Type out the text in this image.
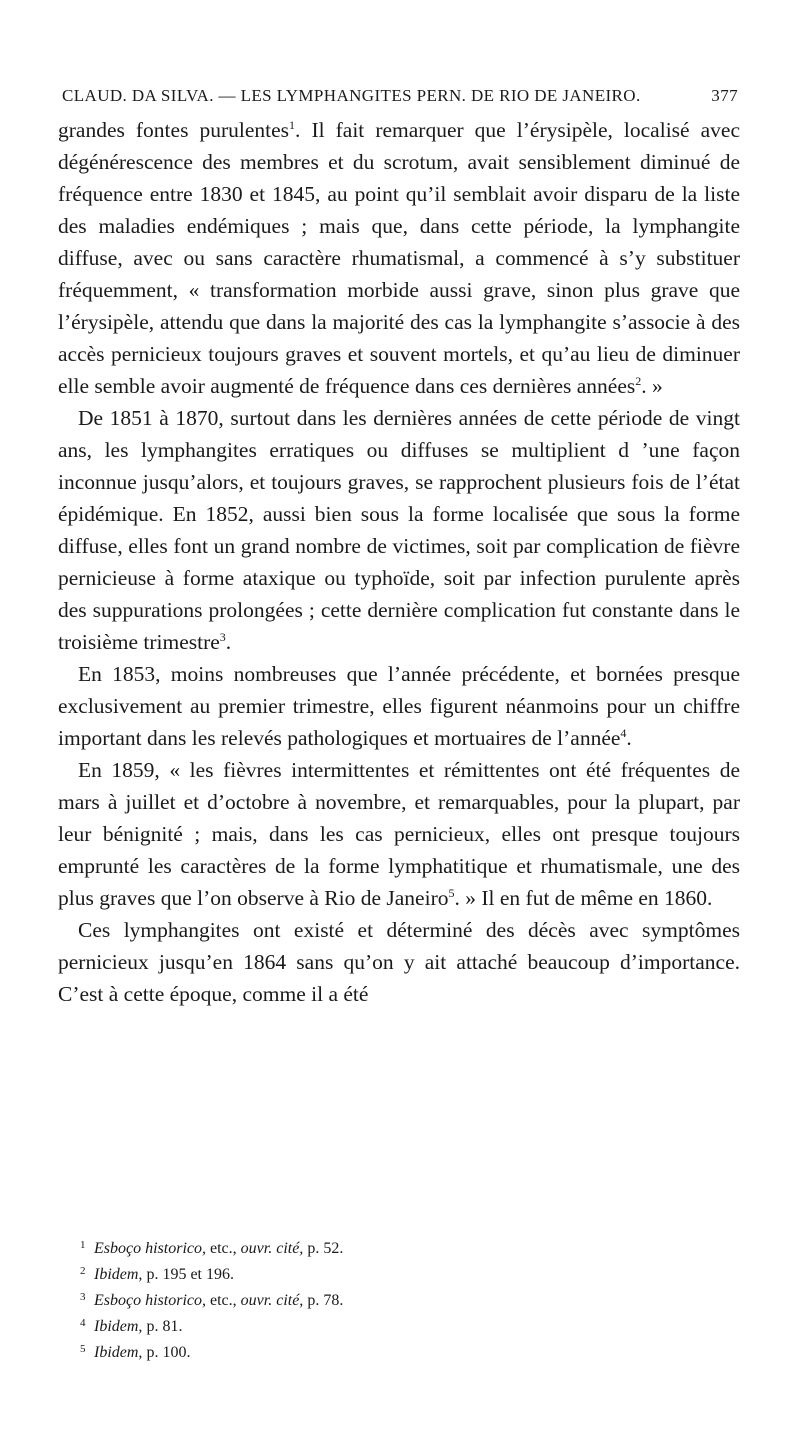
CLAUD. DA SILVA. — LES LYMPHANGITES PERN. DE RIO DE JANEIRO.	377

grandes fontes purulentes$^1$. Il fait remarquer que l’érysipèle, localisé avec dégénérescence des membres et du scrotum, avait sensiblement diminué de fréquence entre 1830 et 1845, au point qu’il semblait avoir disparu de la liste des maladies endémiques ; mais que, dans cette période, la lymphangite diffuse, avec ou sans caractère rhumatismal, a commencé à s’y substituer fréquemment, « transformation morbide aussi grave, sinon plus grave que l’érysipèle, attendu que dans la majorité des cas la lymphangite s’associe à des accès pernicieux toujours graves et souvent mortels, et qu’au lieu de diminuer elle semble avoir augmenté de fréquence dans ces dernières années$^2$. »

De 1851 à 1870, surtout dans les dernières années de cette période de vingt ans, les lymphangites erratiques ou diffuses se multiplient d ’une façon inconnue jusqu’alors, et toujours graves, se rapprochent plusieurs fois de l’état épidémique. En 1852, aussi bien sous la forme localisée que sous la forme diffuse, elles font un grand nombre de victimes, soit par complication de fièvre pernicieuse à forme ataxique ou typhoïde, soit par infection purulente après des suppurations prolongées ; cette dernière complication fut constante dans le troisième trimestre$^3$.

En 1853, moins nombreuses que l’année précédente, et bornées presque exclusivement au premier trimestre, elles figurent néanmoins pour un chiffre important dans les relevés pathologiques et mortuaires de l’année$^4$.

En 1859, « les fièvres intermittentes et rémittentes ont été fréquentes de mars à juillet et d’octobre à novembre, et remarquables, pour la plupart, par leur bénignité ; mais, dans les cas pernicieux, elles ont presque toujours emprunté les caractères de la forme lymphatitique et rhumatismale, une des plus graves que l’on observe à Rio de Janeiro$^5$. » Il en fut de même en 1860.

Ces lymphangites ont existé et déterminé des décès avec symptômes pernicieux jusqu’en 1864 sans qu’on y ait attaché beaucoup d’importance. C’est à cette époque, comme il a été

1 Esboço historico, etc., ouvr. cité, p. 52.
2 Ibidem, p. 195 et 196.
3 Esboço historico, etc., ouvr. cité, p. 78.
4 Ibidem, p. 81.
5 Ibidem, p. 100.
